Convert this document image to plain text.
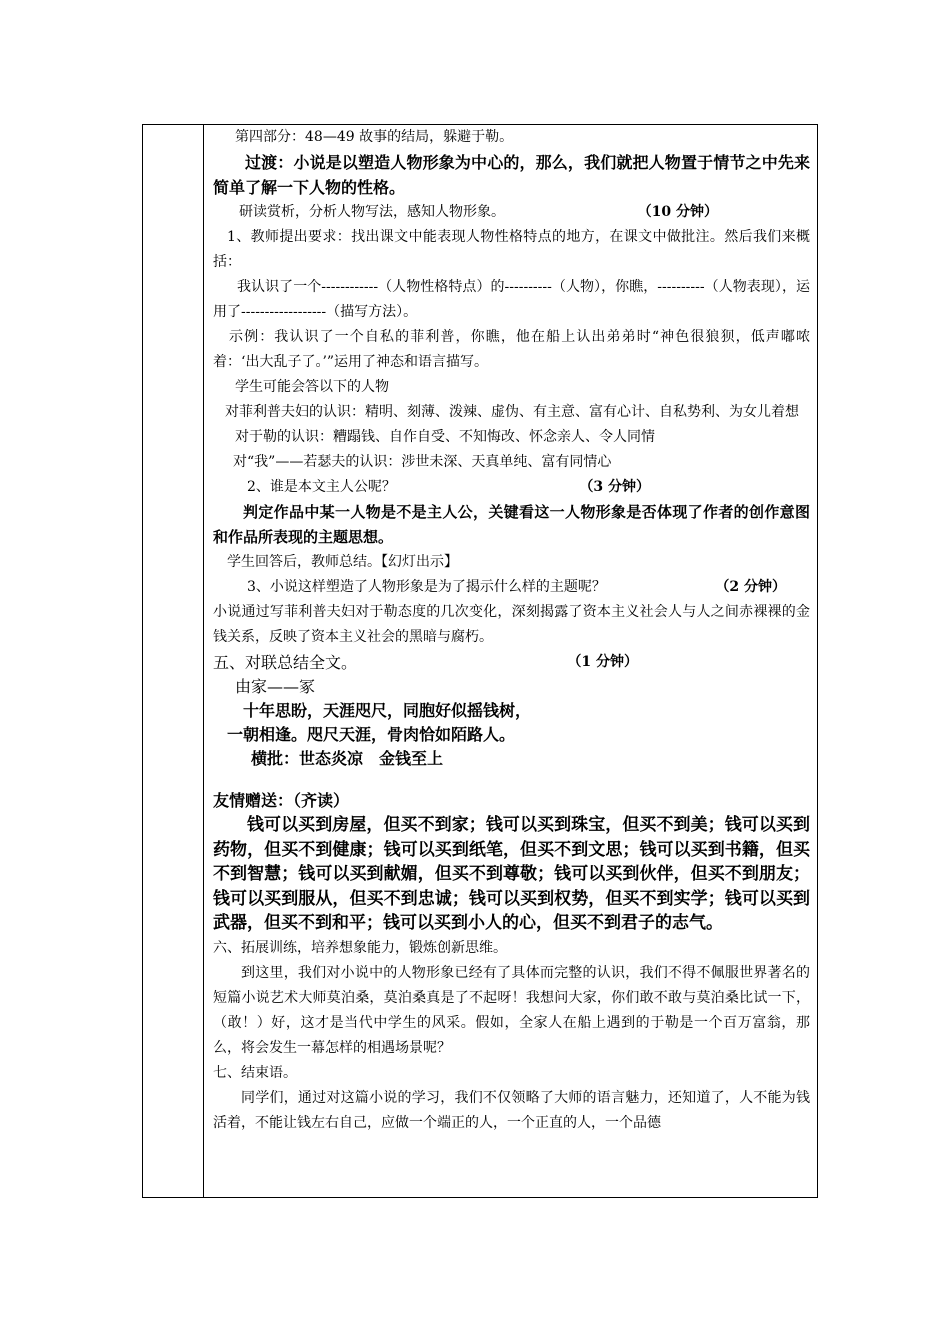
第四部分：48—49 故事的结局，躲避于勒。

过渡：小说是以塑造人物形象为中心的，那么，我们就把人物置于情节之中先来简单了解一下人物的性格。

研读赏析，分析人物写法，感知人物形象。	（10 分钟）

1、教师提出要求：找出课文中能表现人物性格特点的地方，在课文中做批注。然后我们来概括：

我认识了一个------------（人物性格特点）的----------（人物），你瞧，----------（人物表现），运用了------------------（描写方法）。

示例：我认识了一个自私的菲利普，你瞧，他在船上认出弟弟时“神色很狼狈，低声嘟哝着：‘出大乱子了。’”运用了神态和语言描写。

学生可能会答以下的人物

对菲利普夫妇的认识：精明、刻薄、泼辣、虚伪、有主意、富有心计、自私势利、为女儿着想

对于勒的认识：糟蹋钱、自作自受、不知悔改、怀念亲人、令人同情

对“我”——若瑟夫的认识：涉世未深、天真单纯、富有同情心

2、谁是本文主人公呢？	（3 分钟）

判定作品中某一人物是不是主人公，关键看这一人物形象是否体现了作者的创作意图和作品所表现的主题思想。

学生回答后，教师总结。【幻灯出示】

3、小说这样塑造了人物形象是为了揭示什么样的主题呢？	（2 分钟）

小说通过写菲利普夫妇对于勒态度的几次变化，深刻揭露了资本主义社会人与人之间赤裸裸的金钱关系，反映了资本主义社会的黑暗与腐朽。

五、对联总结全文。	（1 分钟）

由家——冢

十年思盼，天涯咫尺，同胞好似摇钱树，

一朝相逢。咫尺天涯，骨肉恰如陌路人。

横批：世态炎凉　金钱至上

友情赠送：（齐读）

钱可以买到房屋，但买不到家；钱可以买到珠宝，但买不到美；钱可以买到药物，但买不到健康；钱可以买到纸笔，但买不到文思；钱可以买到书籍，但买不到智慧；钱可以买到献媚，但买不到尊敬；钱可以买到伙伴，但买不到朋友；钱可以买到服从，但买不到忠诚；钱可以买到权势，但买不到实学；钱可以买到武器，但买不到和平；钱可以买到小人的心，但买不到君子的志气。

六、拓展训练，培养想象能力，锻炼创新思维。

到这里，我们对小说中的人物形象已经有了具体而完整的认识，我们不得不佩服世界著名的短篇小说艺术大师莫泊桑，莫泊桑真是了不起呀！我想问大家，你们敢不敢与莫泊桑比试一下，（敢！）好，这才是当代中学生的风采。假如，全家人在船上遇到的于勒是一个百万富翁，那么，将会发生一幕怎样的相遇场景呢？

七、结束语。

同学们，通过对这篇小说的学习，我们不仅领略了大师的语言魅力，还知道了，人不能为钱活着，不能让钱左右自己，应做一个端正的人，一个正直的人，一个品德
